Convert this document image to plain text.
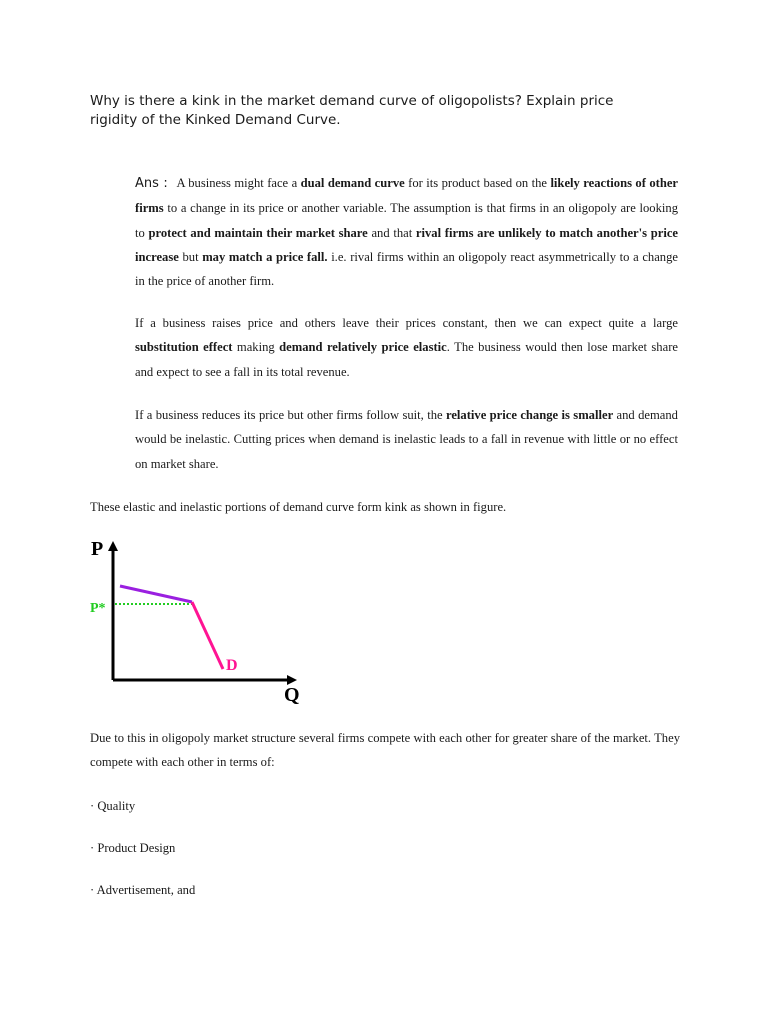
Why is there a kink in the market demand curve of oligopolists? Explain price rigidity of the Kinked Demand Curve.
Ans : A business might face a dual demand curve for its product based on the likely reactions of other firms to a change in its price or another variable. The assumption is that firms in an oligopoly are looking to protect and maintain their market share and that rival firms are unlikely to match another's price increase but may match a price fall. i.e. rival firms within an oligopoly react asymmetrically to a change in the price of another firm.
If a business raises price and others leave their prices constant, then we can expect quite a large substitution effect making demand relatively price elastic. The business would then lose market share and expect to see a fall in its total revenue.
If a business reduces its price but other firms follow suit, the relative price change is smaller and demand would be inelastic. Cutting prices when demand is inelastic leads to a fall in revenue with little or no effect on market share.
These elastic and inelastic portions of demand curve form kink as shown in figure.
P
Q
P*
D
Due to this in oligopoly market structure several firms compete with each other for greater share of the market. They compete with each other in terms of:
· Quality
· Product Design
· Advertisement, and
